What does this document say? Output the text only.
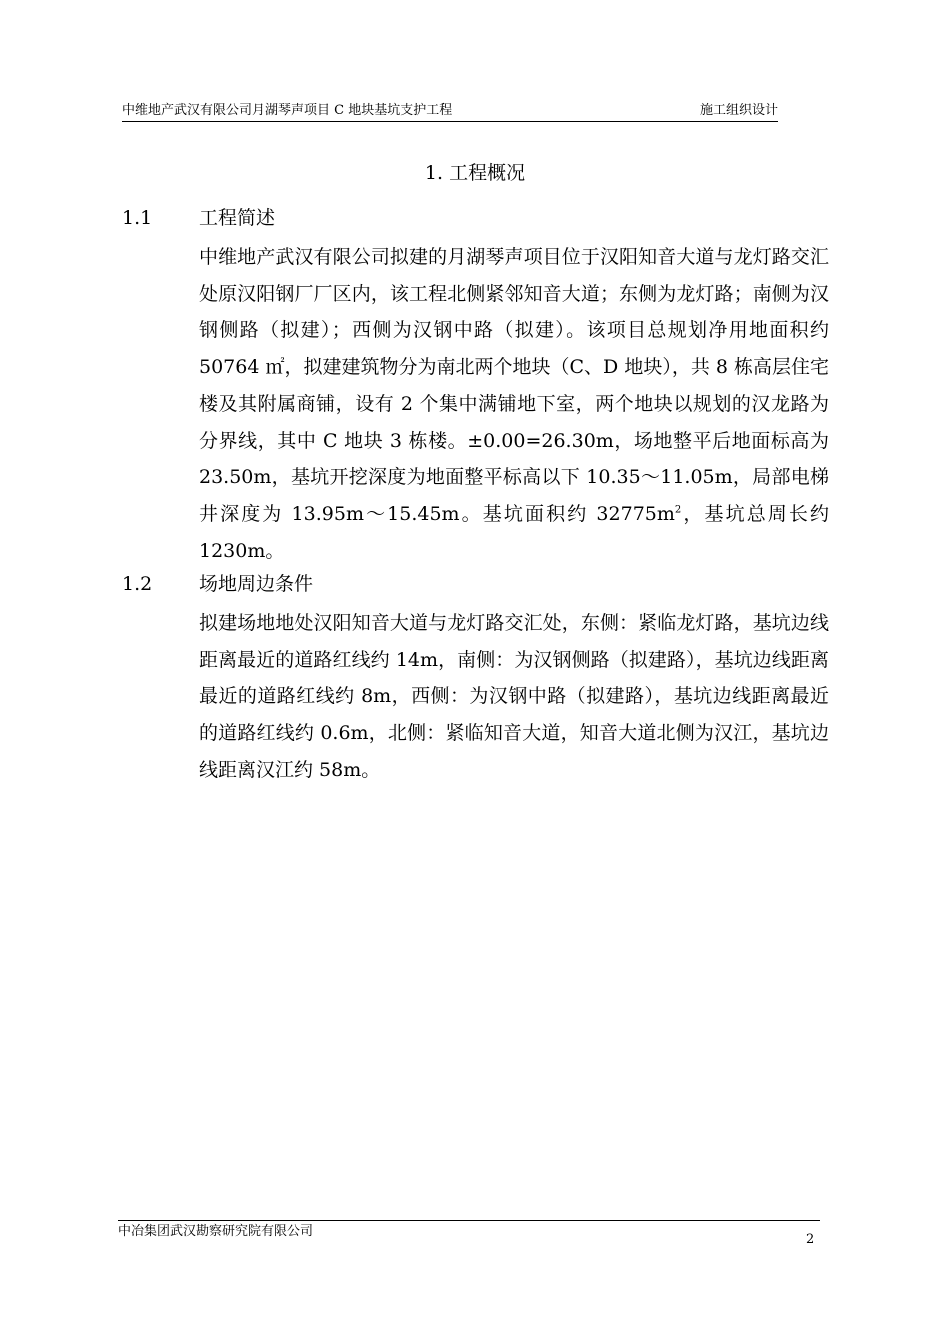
中维地产武汉有限公司月湖琴声项目 C 地块基坑支护工程	施工组织设计
1. 工程概况
1.1 工程简述
中维地产武汉有限公司拟建的月湖琴声项目位于汉阳知音大道与龙灯路交汇处原汉阳钢厂厂区内，该工程北侧紧邻知音大道；东侧为龙灯路；南侧为汉钢侧路（拟建）；西侧为汉钢中路（拟建）。该项目总规划净用地面积约 50764 ㎡，拟建建筑物分为南北两个地块（C、D 地块），共 8 栋高层住宅楼及其附属商铺，设有 2 个集中满铺地下室，两个地块以规划的汉龙路为分界线，其中 C 地块 3 栋楼。±0.00=26.30m，场地整平后地面标高为 23.50m，基坑开挖深度为地面整平标高以下 10.35～11.05m，局部电梯井深度为 13.95m～15.45m。基坑面积约 $32775m^2$，基坑总周长约 1230m。
1.2 场地周边条件
拟建场地地处汉阳知音大道与龙灯路交汇处，东侧：紧临龙灯路，基坑边线距离最近的道路红线约 14m，南侧：为汉钢侧路（拟建路），基坑边线距离最近的道路红线约 8m，西侧：为汉钢中路（拟建路），基坑边线距离最近的道路红线约 0.6m，北侧：紧临知音大道，知音大道北侧为汉江，基坑边线距离汉江约 58m。
中冶集团武汉勘察研究院有限公司
2
